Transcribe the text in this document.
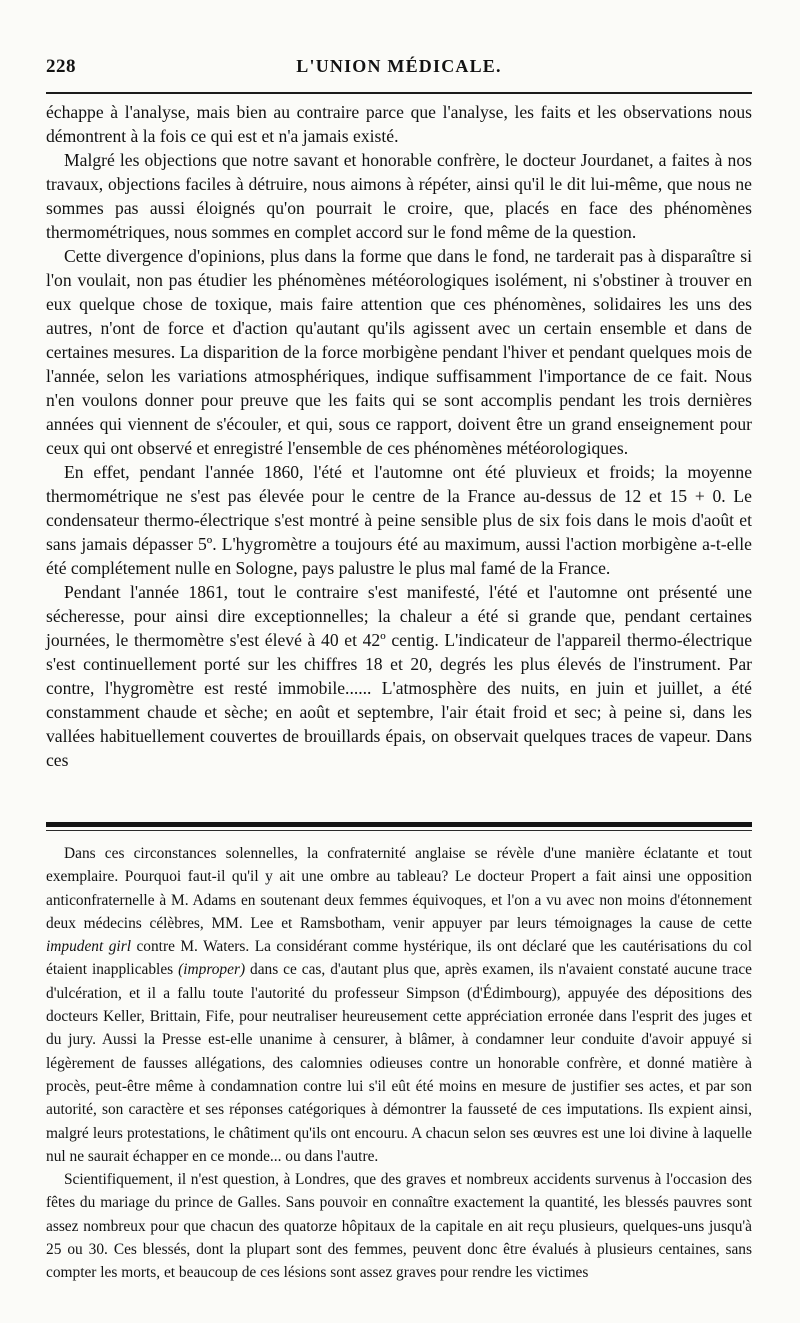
228	L'UNION MÉDICALE.

échappe à l'analyse, mais bien au contraire parce que l'analyse, les faits et les observations nous démontrent à la fois ce qui est et n'a jamais existé.

Malgré les objections que notre savant et honorable confrère, le docteur Jourdanet, a faites à nos travaux, objections faciles à détruire, nous aimons à répéter, ainsi qu'il le dit lui-même, que nous ne sommes pas aussi éloignés qu'on pourrait le croire, que, placés en face des phénomènes thermométriques, nous sommes en complet accord sur le fond même de la question.

Cette divergence d'opinions, plus dans la forme que dans le fond, ne tarderait pas à disparaître si l'on voulait, non pas étudier les phénomènes météorologiques isolément, ni s'obstiner à trouver en eux quelque chose de toxique, mais faire attention que ces phénomènes, solidaires les uns des autres, n'ont de force et d'action qu'autant qu'ils agissent avec un certain ensemble et dans de certaines mesures. La disparition de la force morbigène pendant l'hiver et pendant quelques mois de l'année, selon les variations atmosphériques, indique suffisamment l'importance de ce fait. Nous n'en voulons donner pour preuve que les faits qui se sont accomplis pendant les trois dernières années qui viennent de s'écouler, et qui, sous ce rapport, doivent être un grand enseignement pour ceux qui ont observé et enregistré l'ensemble de ces phénomènes météorologiques.

En effet, pendant l'année 1860, l'été et l'automne ont été pluvieux et froids; la moyenne thermométrique ne s'est pas élevée pour le centre de la France au-dessus de 12 et 15 + 0. Le condensateur thermo-électrique s'est montré à peine sensible plus de six fois dans le mois d'août et sans jamais dépasser 5º. L'hygromètre a toujours été au maximum, aussi l'action morbigène a-t-elle été complétement nulle en Sologne, pays palustre le plus mal famé de la France.

Pendant l'année 1861, tout le contraire s'est manifesté, l'été et l'automne ont présenté une sécheresse, pour ainsi dire exceptionnelles; la chaleur a été si grande que, pendant certaines journées, le thermomètre s'est élevé à 40 et 42º centig. L'indicateur de l'appareil thermo-électrique s'est continuellement porté sur les chiffres 18 et 20, degrés les plus élevés de l'instrument. Par contre, l'hygromètre est resté immobile...... L'atmosphère des nuits, en juin et juillet, a été constamment chaude et sèche; en août et septembre, l'air était froid et sec; à peine si, dans les vallées habituellement couvertes de brouillards épais, on observait quelques traces de vapeur. Dans ces

Dans ces circonstances solennelles, la confraternité anglaise se révèle d'une manière éclatante et tout exemplaire. Pourquoi faut-il qu'il y ait une ombre au tableau? Le docteur Propert a fait ainsi une opposition anticonfraternelle à M. Adams en soutenant deux femmes équivoques, et l'on a vu avec non moins d'étonnement deux médecins célèbres, MM. Lee et Ramsbotham, venir appuyer par leurs témoignages la cause de cette impudent girl contre M. Waters. La considérant comme hystérique, ils ont déclaré que les cautérisations du col étaient inapplicables (improper) dans ce cas, d'autant plus que, après examen, ils n'avaient constaté aucune trace d'ulcération, et il a fallu toute l'autorité du professeur Simpson (d'Édimbourg), appuyée des dépositions des docteurs Keller, Brittain, Fife, pour neutraliser heureusement cette appréciation erronée dans l'esprit des juges et du jury. Aussi la Presse est-elle unanime à censurer, à blâmer, à condamner leur conduite d'avoir appuyé si légèrement de fausses allégations, des calomnies odieuses contre un honorable confrère, et donné matière à procès, peut-être même à condamnation contre lui s'il eût été moins en mesure de justifier ses actes, et par son autorité, son caractère et ses réponses catégoriques à démontrer la fausseté de ces imputations. Ils expient ainsi, malgré leurs protestations, le châtiment qu'ils ont encouru. A chacun selon ses œuvres est une loi divine à laquelle nul ne saurait échapper en ce monde... ou dans l'autre.

Scientifiquement, il n'est question, à Londres, que des graves et nombreux accidents survenus à l'occasion des fêtes du mariage du prince de Galles. Sans pouvoir en connaître exactement la quantité, les blessés pauvres sont assez nombreux pour que chacun des quatorze hôpitaux de la capitale en ait reçu plusieurs, quelques-uns jusqu'à 25 ou 30. Ces blessés, dont la plupart sont des femmes, peuvent donc être évalués à plusieurs centaines, sans compter les morts, et beaucoup de ces lésions sont assez graves pour rendre les victimes
